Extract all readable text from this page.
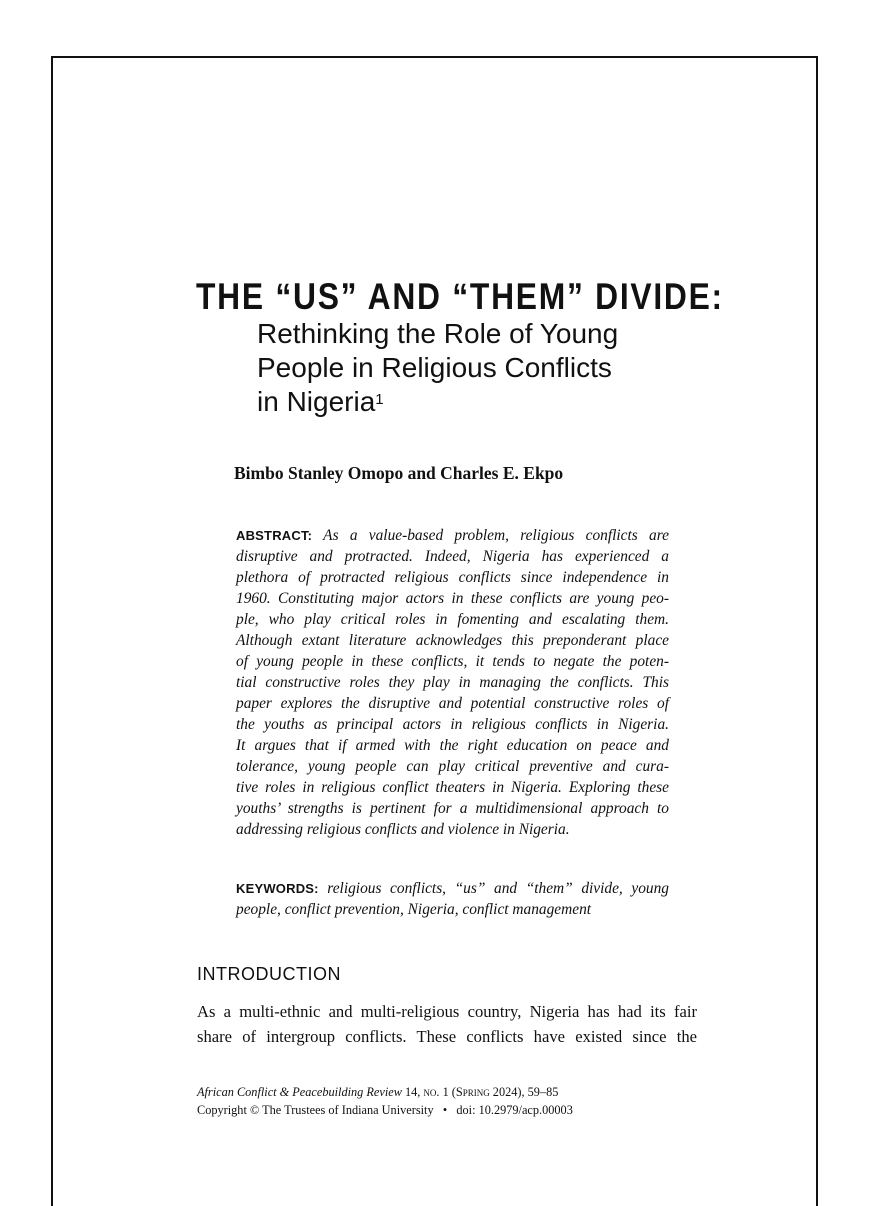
THE “US” AND “THEM” DIVIDE:
Rethinking the Role of Young
People in Religious Conflicts
in Nigeria$^1$
Bimbo Stanley Omopo and Charles E. Ekpo
ABSTRACT: As a value-based problem, religious conflicts are
disruptive and protracted. Indeed, Nigeria has experienced a
plethora of protracted religious conflicts since independence in
1960. Constituting major actors in these conflicts are young peo-
ple, who play critical roles in fomenting and escalating them.
Although extant literature acknowledges this preponderant place
of young people in these conflicts, it tends to negate the poten-
tial constructive roles they play in managing the conflicts. This
paper explores the disruptive and potential constructive roles of
the youths as principal actors in religious conflicts in Nigeria.
It argues that if armed with the right education on peace and
tolerance, young people can play critical preventive and cura-
tive roles in religious conflict theaters in Nigeria. Exploring these
youths’ strengths is pertinent for a multidimensional approach to
addressing religious conflicts and violence in Nigeria.
KEYWORDS: religious conflicts, “us” and “them” divide, young
people, conflict prevention, Nigeria, conflict management
INTRODUCTION
As a multi-ethnic and multi-religious country, Nigeria has had its fair
share of intergroup conflicts. These conflicts have existed since the
African Conflict & Peacebuilding Review 14, no. 1 (Spring 2024), 59–85
Copyright © The Trustees of Indiana University • doi: 10.2979/acp.00003
